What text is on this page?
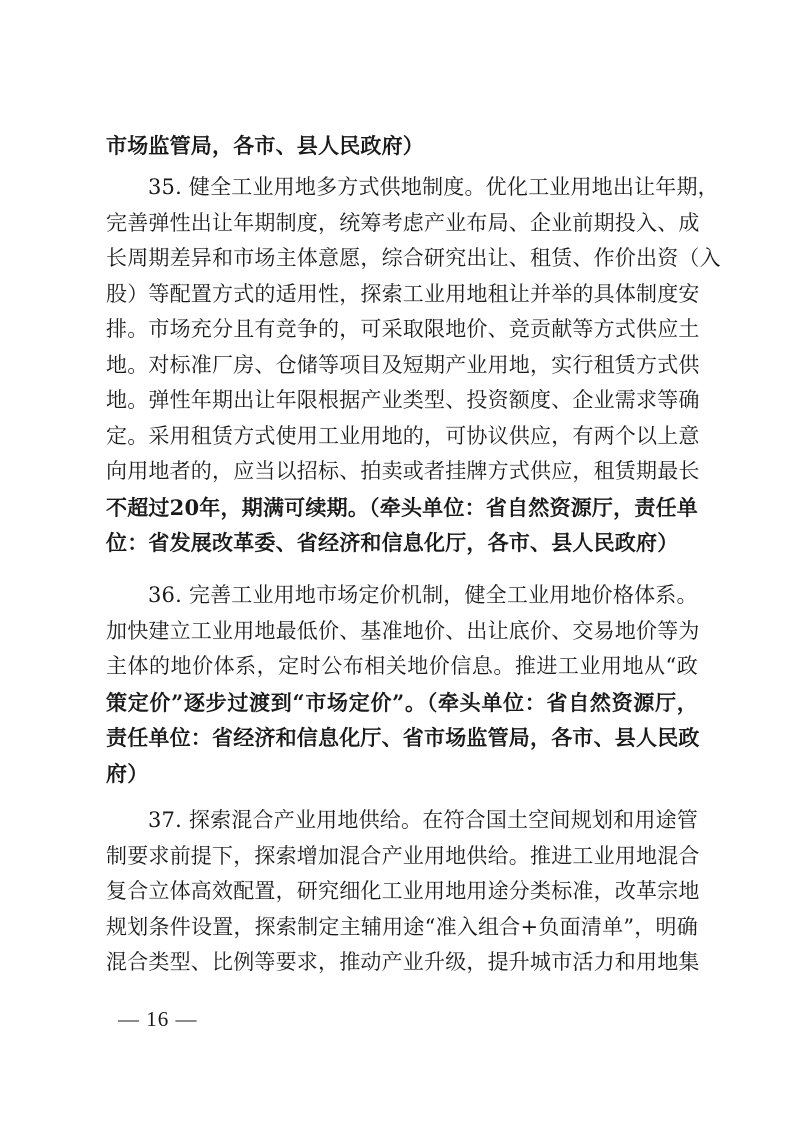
市场监管局，各市、县人民政府）
35. 健全工业用地多方式供地制度。优化工业用地出让年期，
完善弹性出让年期制度，统筹考虑产业布局、企业前期投入、成
长周期差异和市场主体意愿，综合研究出让、租赁、作价出资（入
股）等配置方式的适用性，探索工业用地租让并举的具体制度安
排。市场充分且有竞争的，可采取限地价、竞贡献等方式供应土
地。对标准厂房、仓储等项目及短期产业用地，实行租赁方式供
地。弹性年期出让年限根据产业类型、投资额度、企业需求等确
定。采用租赁方式使用工业用地的，可协议供应，有两个以上意
向用地者的，应当以招标、拍卖或者挂牌方式供应，租赁期最长
不超过20年，期满可续期。（牵头单位：省自然资源厅，责任单
位：省发展改革委、省经济和信息化厅，各市、县人民政府）
36. 完善工业用地市场定价机制，健全工业用地价格体系。
加快建立工业用地最低价、基准地价、出让底价、交易地价等为
主体的地价体系，定时公布相关地价信息。推进工业用地从“政
策定价”逐步过渡到“市场定价”。（牵头单位：省自然资源厅，
责任单位：省经济和信息化厅、省市场监管局，各市、县人民政
府）
37. 探索混合产业用地供给。在符合国土空间规划和用途管
制要求前提下，探索增加混合产业用地供给。推进工业用地混合
复合立体高效配置，研究细化工业用地用途分类标准，改革宗地
规划条件设置，探索制定主辅用途“准入组合+负面清单”，明确
混合类型、比例等要求，推动产业升级，提升城市活力和用地集
— 16 —
